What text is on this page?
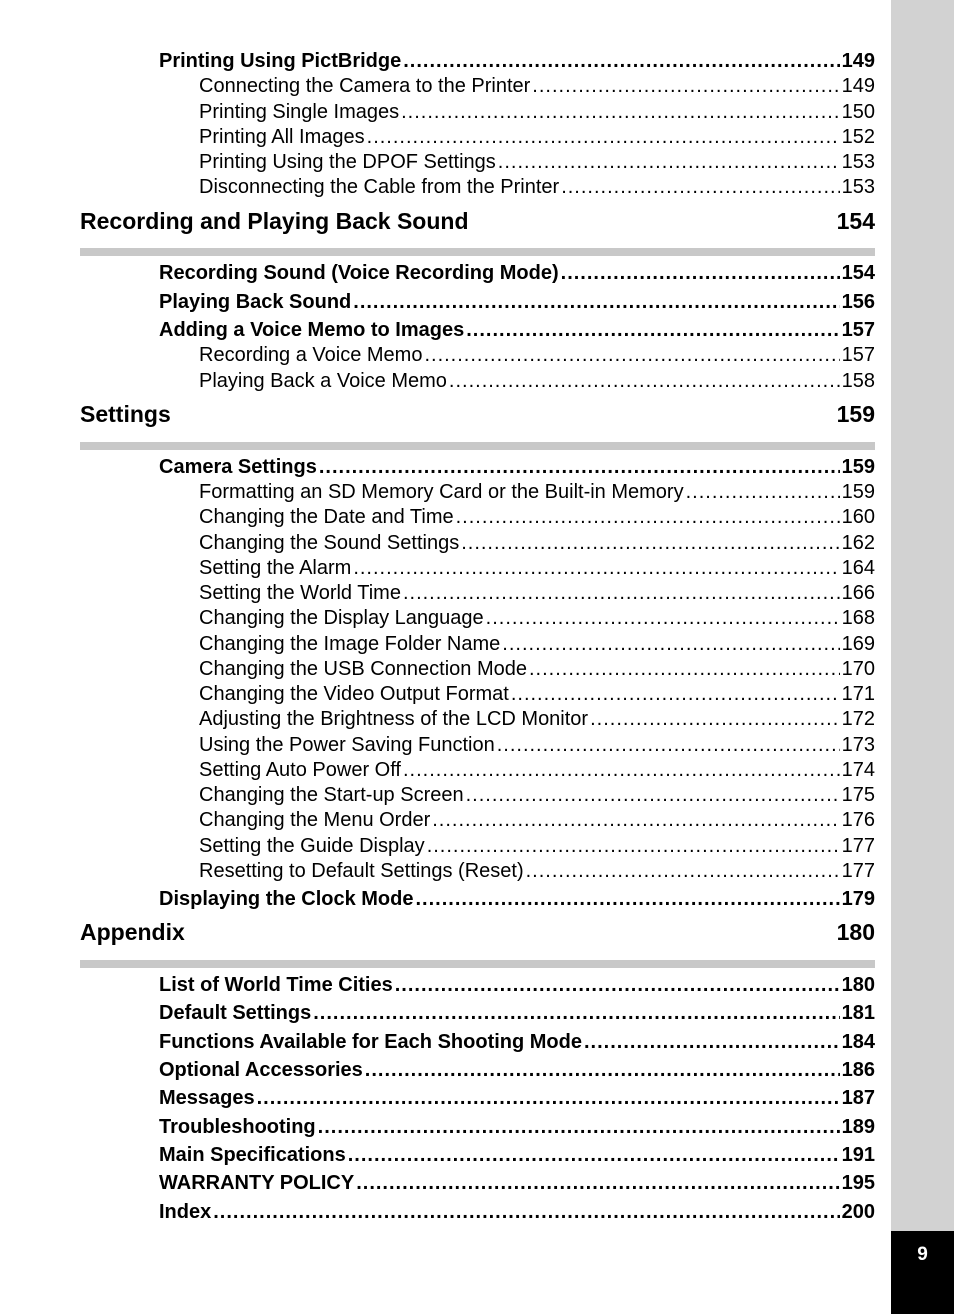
9
Printing Using PictBridge .....	149
Connecting the Camera to the Printer .....	149
Printing Single Images .....	150
Printing All Images .....	152
Printing Using the DPOF Settings .....	153
Disconnecting the Cable from the Printer .....	153
Recording and Playing Back Sound	154
Recording Sound (Voice Recording Mode) .....	154
Playing Back Sound .....	156
Adding a Voice Memo to Images .....	157
Recording a Voice Memo .....	157
Playing Back a Voice Memo .....	158
Settings	159
Camera Settings .....	159
Formatting an SD Memory Card or the Built-in Memory .....	159
Changing the Date and Time .....	160
Changing the Sound Settings .....	162
Setting the Alarm .....	164
Setting the World Time .....	166
Changing the Display Language .....	168
Changing the Image Folder Name .....	169
Changing the USB Connection Mode .....	170
Changing the Video Output Format .....	171
Adjusting the Brightness of the LCD Monitor .....	172
Using the Power Saving Function .....	173
Setting Auto Power Off .....	174
Changing the Start-up Screen .....	175
Changing the Menu Order .....	176
Setting the Guide Display .....	177
Resetting to Default Settings (Reset) .....	177
Displaying the Clock Mode .....	179
Appendix	180
List of World Time Cities .....	180
Default Settings .....	181
Functions Available for Each Shooting Mode .....	184
Optional Accessories .....	186
Messages .....	187
Troubleshooting .....	189
Main Specifications .....	191
WARRANTY POLICY .....	195
Index .....	200
